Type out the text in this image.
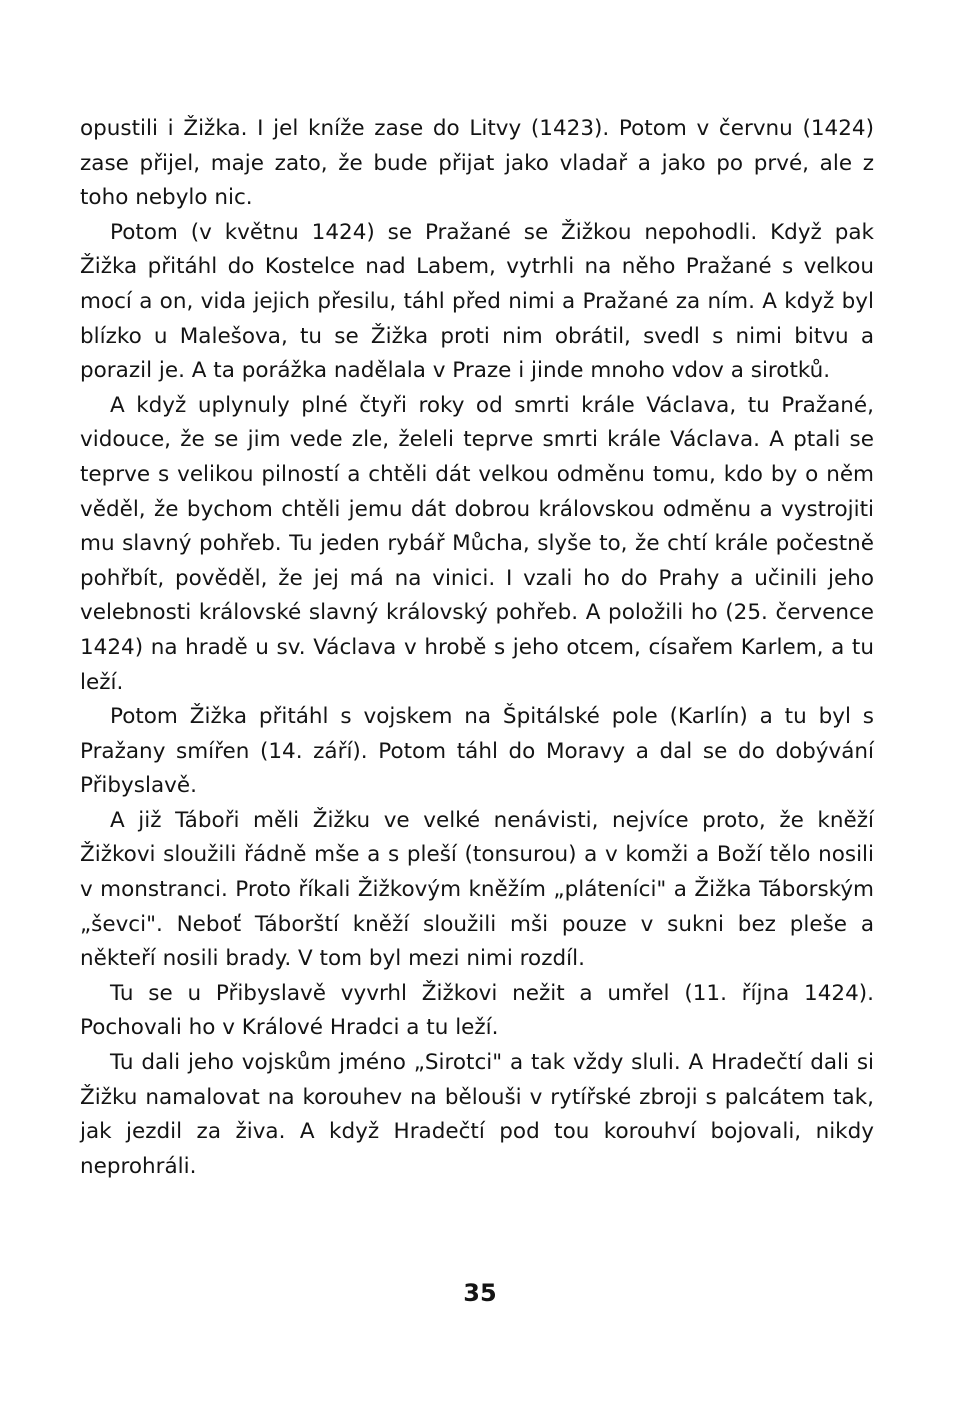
opustili i Žižka. I jel kníže zase do Litvy (1423). Potom v červnu (1424) zase přijel, maje zato, že bude přijat jako vladař a jako po prvé, ale z toho nebylo nic.

Potom (v květnu 1424) se Pražané se Žižkou nepohodli. Když pak Žižka přitáhl do Kostelce nad Labem, vytrhli na něho Pražané s velkou mocí a on, vida jejich přesilu, táhl před nimi a Pražané za ním. A když byl blízko u Malešova, tu se Žižka proti nim obrátil, svedl s nimi bitvu a porazil je. A ta porážka nadělala v Praze i jinde mnoho vdov a sirotků.

A když uplynuly plné čtyři roky od smrti krále Václava, tu Pražané, vidouce, že se jim vede zle, želeli teprve smrti krále Václava. A ptali se teprve s velikou pilností a chtěli dát velkou odměnu tomu, kdo by o něm věděl, že bychom chtěli jemu dát dobrou královskou odměnu a vystrojiti mu slavný pohřeb. Tu jeden rybář Můcha, slyše to, že chtí krále počestně pohřbít, pověděl, že jej má na vinici. I vzali ho do Prahy a učinili jeho velebnosti královské slavný královský pohřeb. A položili ho (25. července 1424) na hradě u sv. Václava v hrobě s jeho otcem, císařem Karlem, a tu leží.

Potom Žižka přitáhl s vojskem na Špitálské pole (Karlín) a tu byl s Pražany smířen (14. září). Potom táhl do Moravy a dal se do dobývání Přibyslavě.

A již Táboři měli Žižku ve velké nenávisti, nejvíce proto, že kněží Žižkovi sloužili řádně mše a s pleší (tonsurou) a v komži a Boží tělo nosili v monstranci. Proto říkali Žižkovým kněžím „pláteníci" a Žižka Táborským „ševci". Neboť Táborští kněží sloužili mši pouze v sukni bez pleše a někteří nosili brady. V tom byl mezi nimi rozdíl.

Tu se u Přibyslavě vyvrhl Žižkovi nežit a umřel (11. října 1424). Pochovali ho v Králové Hradci a tu leží.

Tu dali jeho vojskům jméno „Sirotci" a tak vždy sluli. A Hradečtí dali si Žižku namalovat na korouhev na bělouši v rytířské zbroji s palcátem tak, jak jezdil za živa. A když Hradečtí pod tou korouhví bojovali, nikdy neprohráli.

35
